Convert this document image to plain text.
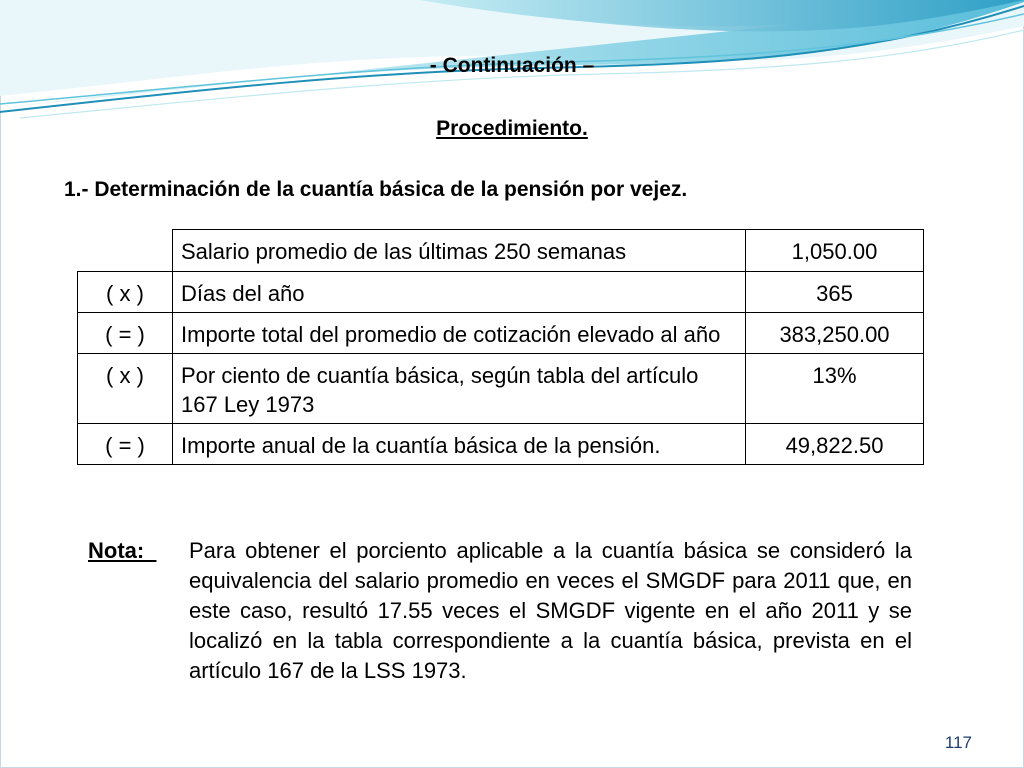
- Continuación –
Procedimiento.
1.- Determinación de la cuantía básica de la pensión por vejez.
	Salario promedio de las últimas 250 semanas	1,050.00
( x )	Días del año	365
( = )	Importe total del promedio de cotización elevado al año	383,250.00
( x )	Por ciento de cuantía básica, según tabla del artículo 167 Ley 1973	13%
( = )	Importe anual de la cuantía básica de la pensión.	49,822.50
Nota: Para obtener el porciento aplicable a la cuantía básica se consideró la equivalencia del salario promedio en veces el SMGDF para 2011 que, en este caso, resultó 17.55 veces el SMGDF vigente en el año 2011 y se localizó en la tabla correspondiente a la cuantía básica, prevista en el artículo 167 de la LSS 1973.
117
